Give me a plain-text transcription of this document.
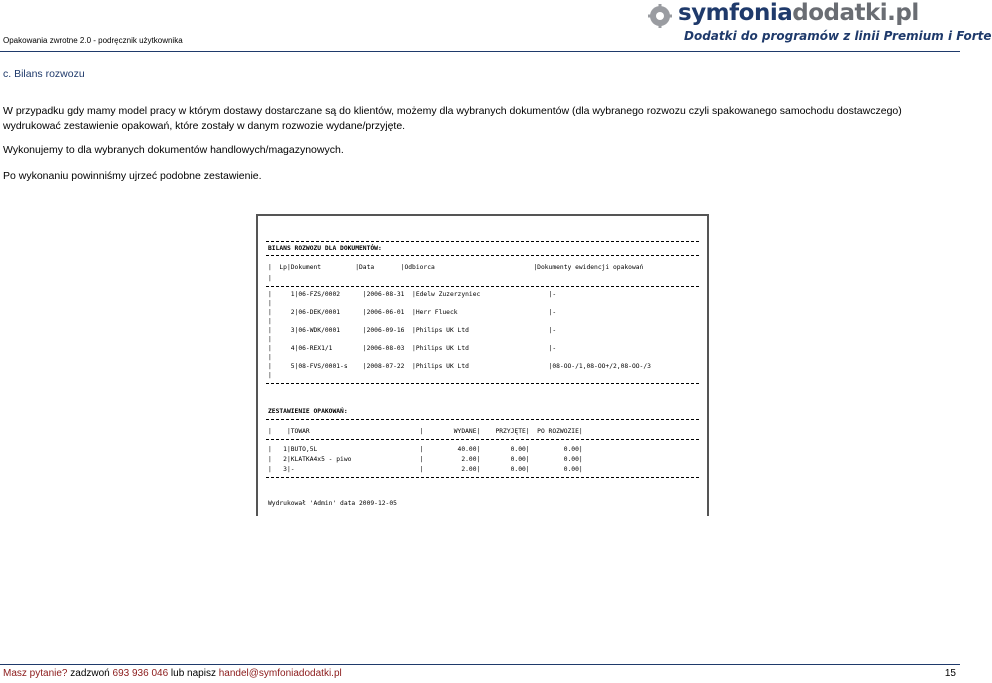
Opakowania zwrotne 2.0 - podręcznik użytkownika
symfoniadodatki.pl
Dodatki do programów z linii Premium i Forte
c. Bilans rozwozu
W przypadku gdy mamy model pracy w którym dostawy dostarczane są do klientów, możemy dla wybranych dokumentów (dla wybranego rozwozu czyli spakowanego samochodu dostawczego) wydrukować zestawienie opakowań, które zostały w danym rozwozie wydane/przyjęte.
Wykonujemy to dla wybranych dokumentów handlowych/magazynowych.
Po wykonaniu powinniśmy ujrzeć podobne zestawienie.
BILANS ROZWOZU DLA DOKUMENTÓW:
|  Lp|Dokument         |Data       |Odbiorca                          |Dokumenty ewidencji opakowań
|
|     1|06-FZS/0002      |2006-08-31  |Edelw Zuzerzyniec                  |-
|
|     2|06-DEK/0001      |2006-06-01  |Herr Flueck                        |-
|
|     3|06-WDK/0001      |2006-09-16  |Philips UK Ltd                     |-
|
|     4|06-REX1/1        |2006-08-03  |Philips UK Ltd                     |-
|
|     5|08-FVS/0001-s    |2008-07-22  |Philips UK Ltd                     |08-OO-/1,08-OO+/2,08-OO-/3
|
ZESTAWIENIE OPAKOWAŃ:
|    |TOWAR                             |        WYDANE|    PRZYJĘTE|  PO ROZWOZIE|
|   1|BUTO,5L                           |         40.00|        0.00|         0.00|
|   2|KLATKA4x5 - piwo                  |          2.00|        0.00|         0.00|
|   3|-                                 |          2.00|        0.00|         0.00|
Wydrukował 'Admin' data 2009-12-05
Masz pytanie? zadzwoń 693 936 046 lub napisz handel@symfoniadodatki.pl	15
